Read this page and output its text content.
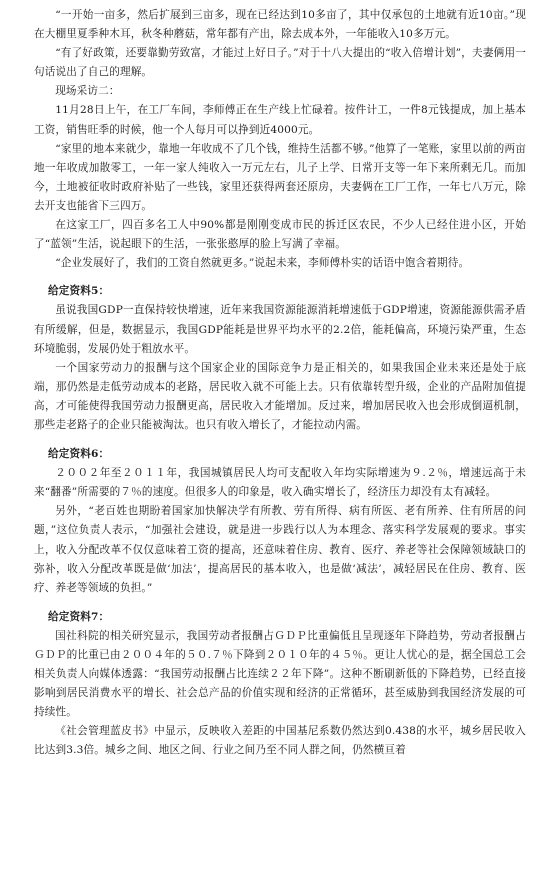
“一开始一亩多，然后扩展到三亩多，现在已经达到10多亩了，其中仅承包的土地就有近10亩。”现在大棚里夏季种木耳，秋冬种蘑菇，常年都有产出，除去成本外，一年能收入10多万元。

“有了好政策，还要靠勤劳致富，才能过上好日子。”对于十八大提出的“收入倍增计划”，夫妻俩用一句话说出了自己的理解。

现场采访二：

11月28日上午，在工厂车间，李师傅正在生产线上忙碌着。按件计工，一件8元钱提成，加上基本工资，销售旺季的时候，他一个人每月可以挣到近4000元。

“家里的地本来就少，靠地一年收成不了几个钱，维持生活都不够。”他算了一笔账，家里以前的两亩地一年收成加散零工，一年一家人纯收入一万元左右，儿子上学、日常开支等一年下来所剩无几。而加今，土地被征收时政府补贴了一些钱，家里还获得两套还原房，夫妻俩在工厂工作，一年七八万元，除去开支也能省下三四万。

在这家工厂，四百多名工人中90%都是刚刚变成市民的拆迁区农民，不少人已经住进小区，开始了“蓝领”生活，说起眼下的生活，一张张憨厚的脸上写满了幸福。

“企业发展好了，我们的工资自然就更多。”说起未来，李师傅朴实的话语中饱含着期待。

给定资料5：

虽说我国GDP一直保持较快增速，近年来我国资源能源消耗增速低于GDP增速，资源能源供需矛盾有所缓解，但是，数据显示，我国GDP能耗是世界平均水平的2.2倍，能耗偏高，环境污染严重，生态环境脆弱，发展仍处于粗放水平。

一个国家劳动力的报酬与这个国家企业的国际竞争力是正相关的，如果我国企业未来还是处于底端，那仍然是走低劳动成本的老路，居民收入就不可能上去。只有依靠转型升级，企业的产品附加值提高，才可能使得我国劳动力报酬更高，居民收入才能增加。反过来，增加居民收入也会形成倒逼机制，那些走老路子的企业只能被淘汰。也只有收入增长了，才能拉动内需。

给定资料6：

２００２年至２０１１年，我国城镇居民人均可支配收入年均实际增速为９.２％，增速远高于未来“翻番”所需要的７％的速度。但很多人的印象是，收入确实增长了，经济压力却没有太有减轻。

另外，“老百姓也期盼着国家加快解决学有所教、劳有所得、病有所医、老有所养、住有所居的问题，”这位负责人表示，“加强社会建设，就是进一步践行以人为本理念、落实科学发展观的要求。事实上，收入分配改革不仅仅意味着工资的提高，还意味着住房、教育、医疗、养老等社会保障领域缺口的弥补，收入分配改革既是做‘加法’，提高居民的基本收入，也是做‘减法’，减轻居民在住房、教育、医疗、养老等领域的负担。”

给定资料7：

国社科院的相关研究显示，我国劳动者报酬占ＧＤＰ比重偏低且呈现逐年下降趋势，劳动者报酬占ＧＤＰ的比重已由２００４年的５０.７％下降到２０１０年的４５％。更让人忧心的是，据全国总工会相关负责人向媒体透露：“我国劳动报酬占比连续２２年下降”。这种不断刷新低的下降趋势，已经直接影响到居民消费水平的增长、社会总产品的价值实现和经济的正常循环，甚至威胁到我国经济发展的可持续性。

《社会管理蓝皮书》中显示，反映收入差距的中国基尼系数仍然达到0.438的水平，城乡居民收入比达到3.3倍。城乡之间、地区之间、行业之间乃至不同人群之间，仍然横亘着
